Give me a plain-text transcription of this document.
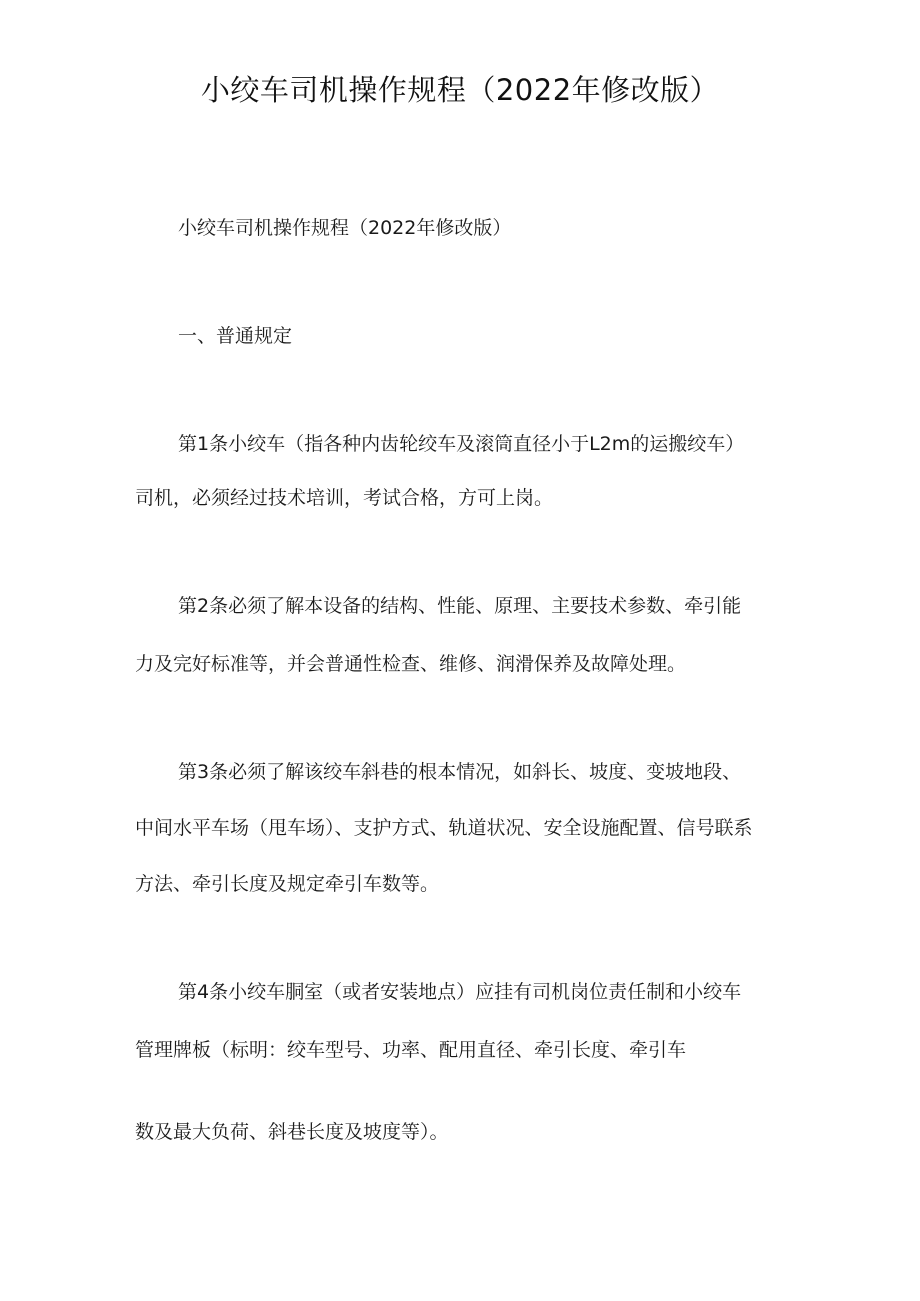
小绞车司机操作规程（2022年修改版）
小绞车司机操作规程（2022年修改版）
一、普通规定
第1条小绞车（指各种内齿轮绞车及滚筒直径小于L2m的运搬绞车）
司机，必须经过技术培训，考试合格，方可上岗。
第2条必须了解本设备的结构、性能、原理、主要技术参数、牵引能
力及完好标准等，并会普通性检查、维修、润滑保养及故障处理。
第3条必须了解该绞车斜巷的根本情况，如斜长、坡度、变坡地段、
中间水平车场（甩车场）、支护方式、轨道状况、安全设施配置、信号联系
方法、牵引长度及规定牵引车数等。
第4条小绞车胴室（或者安装地点）应挂有司机岗位责任制和小绞车
管理牌板（标明：绞车型号、功率、配用直径、牵引长度、牵引车
数及最大负荷、斜巷长度及坡度等）。
